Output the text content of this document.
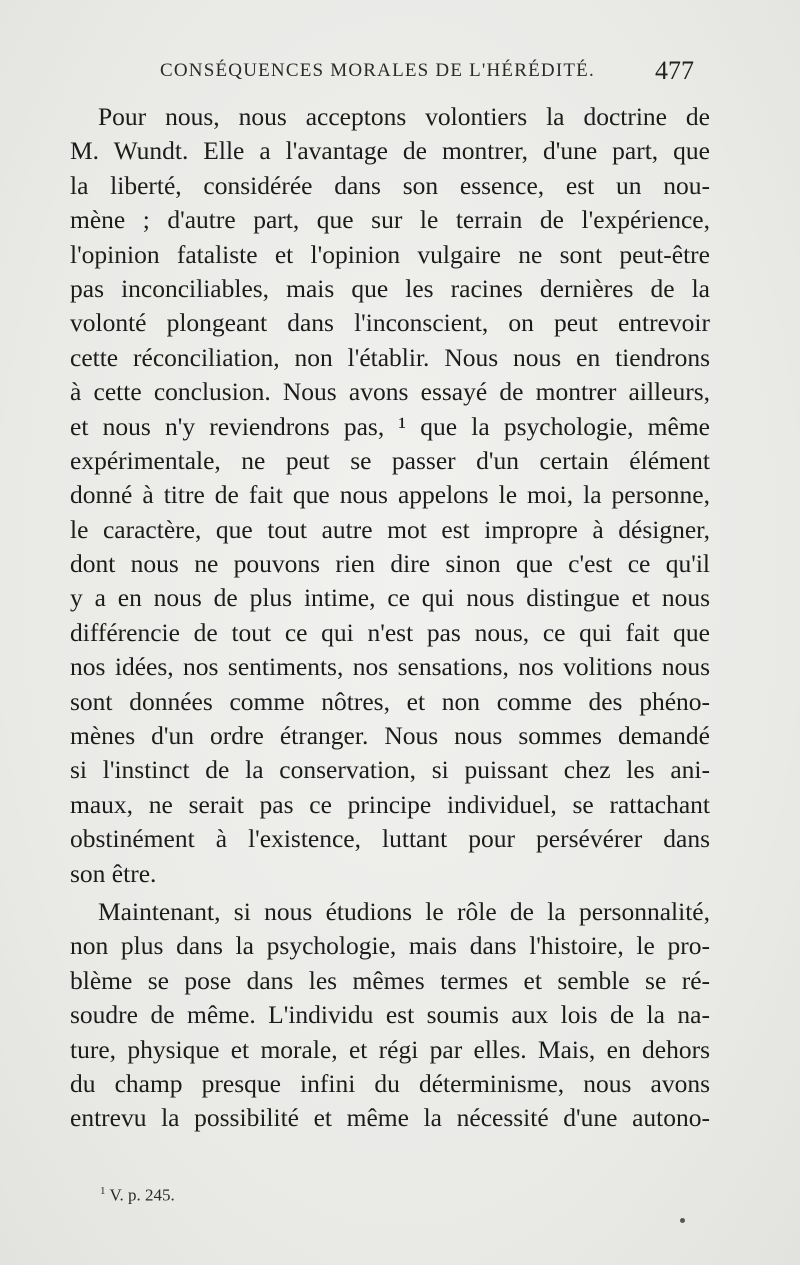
CONSÉQUENCES MORALES DE L'HÉRÉDITÉ.	477
Pour nous, nous acceptons volontiers la doctrine de
M. Wundt. Elle a l'avantage de montrer, d'une part, que
la liberté, considérée dans son essence, est un nou-
mène ; d'autre part, que sur le terrain de l'expérience,
l'opinion fataliste et l'opinion vulgaire ne sont peut-être
pas inconciliables, mais que les racines dernières de la
volonté plongeant dans l'inconscient, on peut entrevoir
cette réconciliation, non l'établir. Nous nous en tiendrons
à cette conclusion. Nous avons essayé de montrer ailleurs,
et nous n'y reviendrons pas, ¹ que la psychologie, même
expérimentale, ne peut se passer d'un certain élément
donné à titre de fait que nous appelons le moi, la personne,
le caractère, que tout autre mot est impropre à désigner,
dont nous ne pouvons rien dire sinon que c'est ce qu'il
y a en nous de plus intime, ce qui nous distingue et nous
différencie de tout ce qui n'est pas nous, ce qui fait que
nos idées, nos sentiments, nos sensations, nos volitions nous
sont données comme nôtres, et non comme des phéno-
mènes d'un ordre étranger. Nous nous sommes demandé
si l'instinct de la conservation, si puissant chez les ani-
maux, ne serait pas ce principe individuel, se rattachant
obstinément à l'existence, luttant pour persévérer dans
son être.
Maintenant, si nous étudions le rôle de la personnalité,
non plus dans la psychologie, mais dans l'histoire, le pro-
blème se pose dans les mêmes termes et semble se ré-
soudre de même. L'individu est soumis aux lois de la na-
ture, physique et morale, et régi par elles. Mais, en dehors
du champ presque infini du déterminisme, nous avons
entrevu la possibilité et même la nécessité d'une autono-
$^1$ V. p. 245.
